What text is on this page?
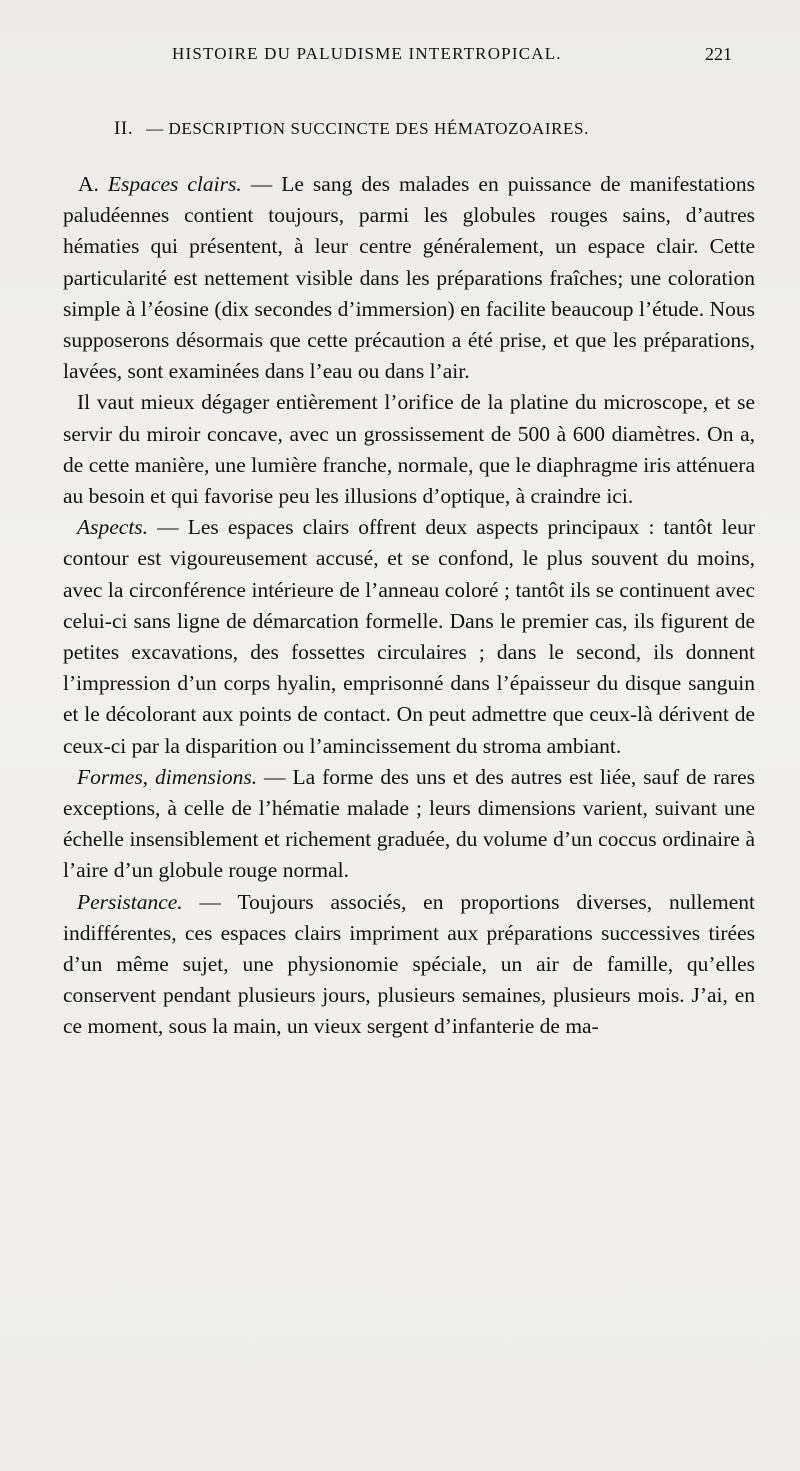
HISTOIRE DU PALUDISME INTERTROPICAL.	221
II. — DESCRIPTION SUCCINCTE DES HÉMATOZOAIRES.

A. Espaces clairs. — Le sang des malades en puissance de manifestations paludéennes contient toujours, parmi les globules rouges sains, d’autres hématies qui présentent, à leur centre généralement, un espace clair. Cette particularité est nettement visible dans les préparations fraîches; une coloration simple à l’éosine (dix secondes d’immersion) en facilite beaucoup l’étude. Nous supposerons désormais que cette précaution a été prise, et que les préparations, lavées, sont examinées dans l’eau ou dans l’air.

Il vaut mieux dégager entièrement l’orifice de la platine du microscope, et se servir du miroir concave, avec un grossissement de 500 à 600 diamètres. On a, de cette manière, une lumière franche, normale, que le diaphragme iris atténuera au besoin et qui favorise peu les illusions d’optique, à craindre ici.

Aspects. — Les espaces clairs offrent deux aspects principaux : tantôt leur contour est vigoureusement accusé, et se confond, le plus souvent du moins, avec la circonférence intérieure de l’anneau coloré ; tantôt ils se continuent avec celui-ci sans ligne de démarcation formelle. Dans le premier cas, ils figurent de petites excavations, des fossettes circulaires ; dans le second, ils donnent l’impression d’un corps hyalin, emprisonné dans l’épaisseur du disque sanguin et le décolorant aux points de contact. On peut admettre que ceux-là dérivent de ceux-ci par la disparition ou l’amincissement du stroma ambiant.

Formes, dimensions. — La forme des uns et des autres est liée, sauf de rares exceptions, à celle de l’hématie malade ; leurs dimensions varient, suivant une échelle insensiblement et richement graduée, du volume d’un coccus ordinaire à l’aire d’un globule rouge normal.

Persistance. — Toujours associés, en proportions diverses, nullement indifférentes, ces espaces clairs impriment aux préparations successives tirées d’un même sujet, une physionomie spéciale, un air de famille, qu’elles conservent pendant plusieurs jours, plusieurs semaines, plusieurs mois. J’ai, en ce moment, sous la main, un vieux sergent d’infanterie de ma-
